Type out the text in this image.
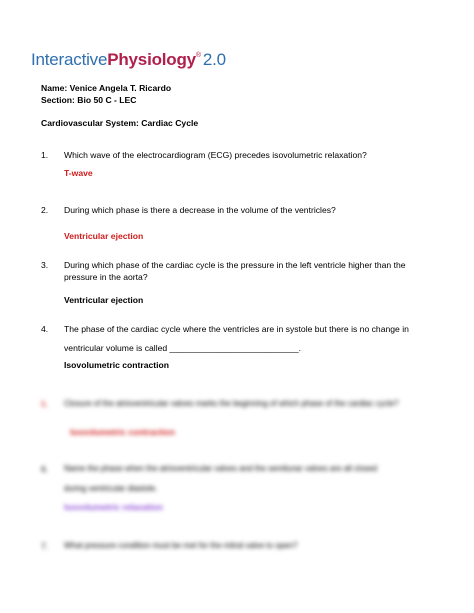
InteractivePhysiology® 2.0
Name: Venice Angela T. Ricardo
Section: Bio 50 C - LEC
Cardiovascular System: Cardiac Cycle
1. Which wave of the electrocardiogram (ECG) precedes isovolumetric relaxation?
T-wave
2. During which phase is there a decrease in the volume of the ventricles?
Ventricular ejection
3. During which phase of the cardiac cycle is the pressure in the left ventricle higher than the pressure in the aorta?
Ventricular ejection
4. The phase of the cardiac cycle where the ventricles are in systole but there is no change in
ventricular volume is called ___________________________.
Isovolumetric contraction
5. Closure of the atrioventricular valves marks the beginning of which phase of the cardiac cycle?
Isovolumetric contraction
6. Name the phase when the atrioventricular valves and the semilunar valves are all closed
during ventricular diastole.
Isovolumetric relaxation
7. What pressure condition must be met for the mitral valve to open?
